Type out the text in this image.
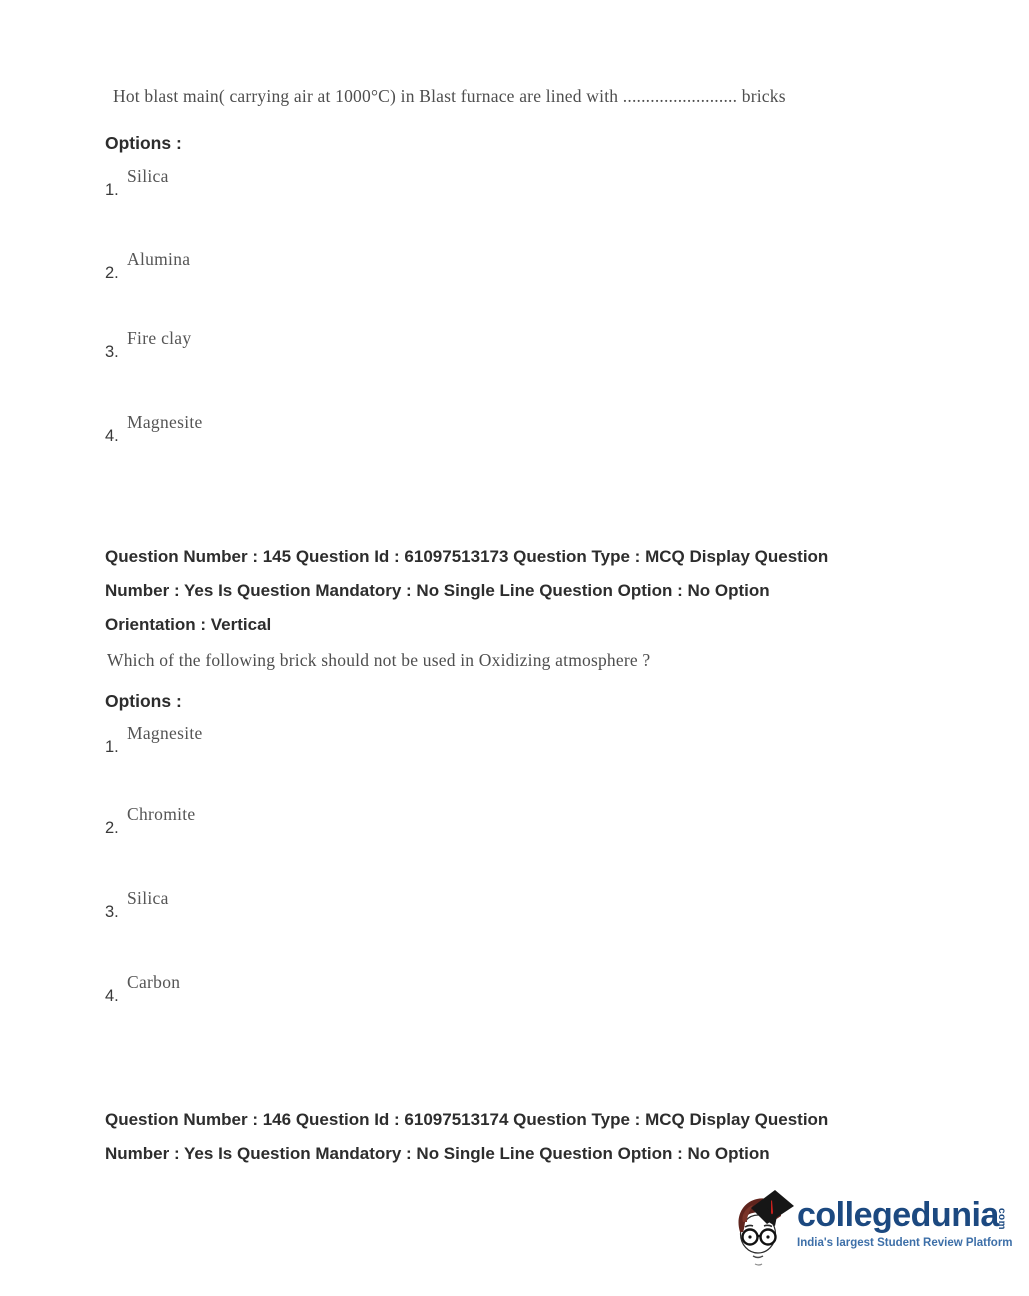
Hot blast main( carrying air at 1000°C) in Blast furnace are lined with ......................... bricks
Options :
Silica
1.
Alumina
2.
Fire clay
3.
Magnesite
4.
Question Number : 145 Question Id : 61097513173 Question Type : MCQ Display Question
Number : Yes Is Question Mandatory : No Single Line Question Option : No Option
Orientation : Vertical
Which of the following brick should not be used in Oxidizing atmosphere ?
Options :
Magnesite
1.
Chromite
2.
Silica
3.
Carbon
4.
Question Number : 146 Question Id : 61097513174 Question Type : MCQ Display Question
Number : Yes Is Question Mandatory : No Single Line Question Option : No Option
collegedunia
com
India's largest Student Review Platform
